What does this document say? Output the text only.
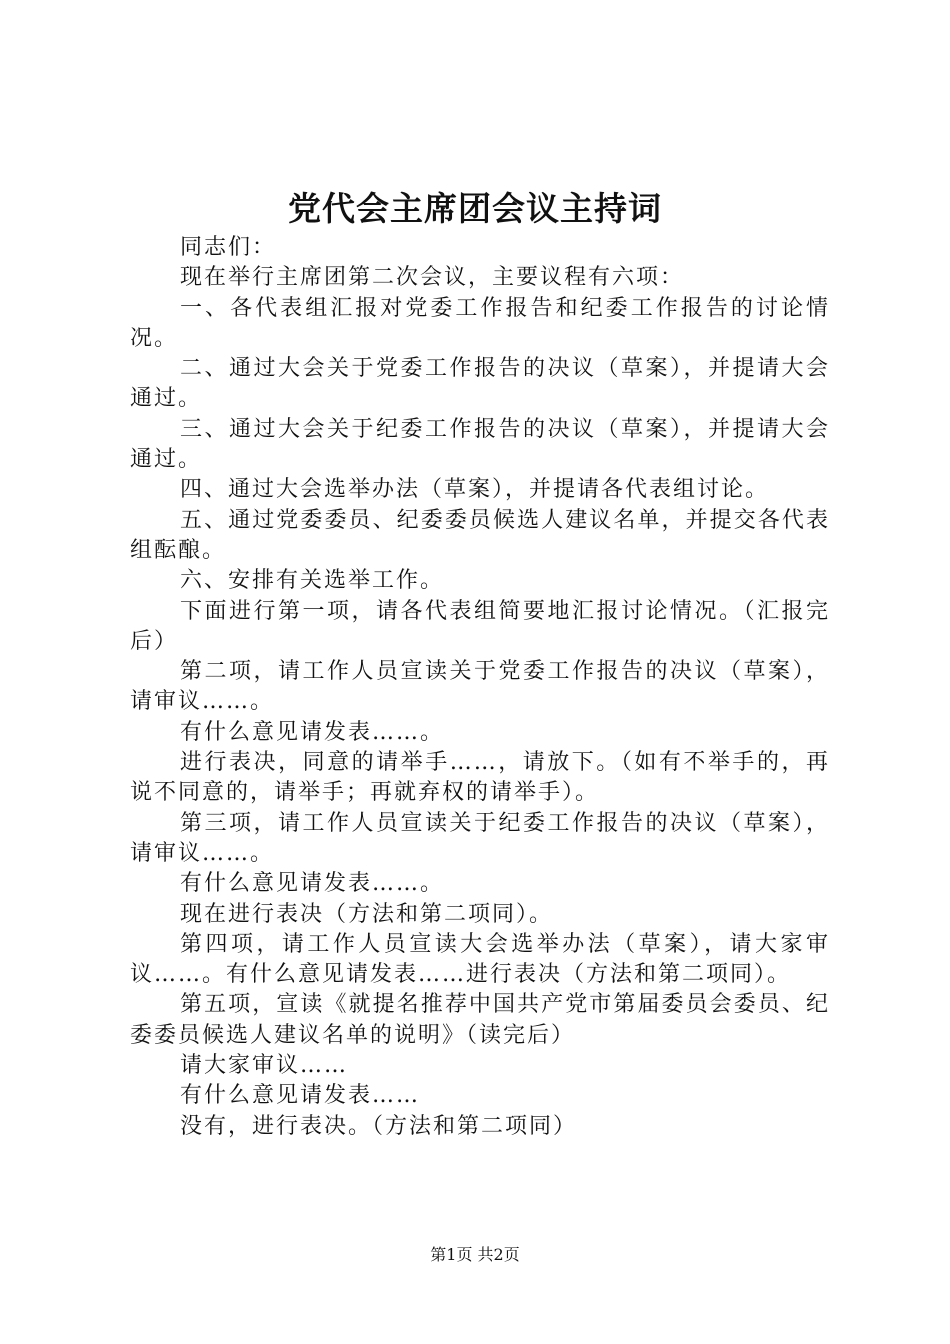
党代会主席团会议主持词

同志们：

现在举行主席团第二次会议，主要议程有六项：

一、各代表组汇报对党委工作报告和纪委工作报告的讨论情况。

二、通过大会关于党委工作报告的决议（草案），并提请大会通过。

三、通过大会关于纪委工作报告的决议（草案），并提请大会通过。

四、通过大会选举办法（草案），并提请各代表组讨论。

五、通过党委委员、纪委委员候选人建议名单，并提交各代表组酝酿。

六、安排有关选举工作。

下面进行第一项，请各代表组简要地汇报讨论情况。（汇报完后）

第二项，请工作人员宣读关于党委工作报告的决议（草案），请审议……。

有什么意见请发表……。

进行表决，同意的请举手……，请放下。（如有不举手的，再说不同意的，请举手；再就弃权的请举手）。

第三项，请工作人员宣读关于纪委工作报告的决议（草案），请审议……。

有什么意见请发表……。

现在进行表决（方法和第二项同）。

第四项，请工作人员宣读大会选举办法（草案），请大家审议……。有什么意见请发表……进行表决（方法和第二项同）。

第五项，宣读《就提名推荐中国共产党市第届委员会委员、纪委委员候选人建议名单的说明》（读完后）

请大家审议……

有什么意见请发表……

没有，进行表决。（方法和第二项同）

第1页 共2页
